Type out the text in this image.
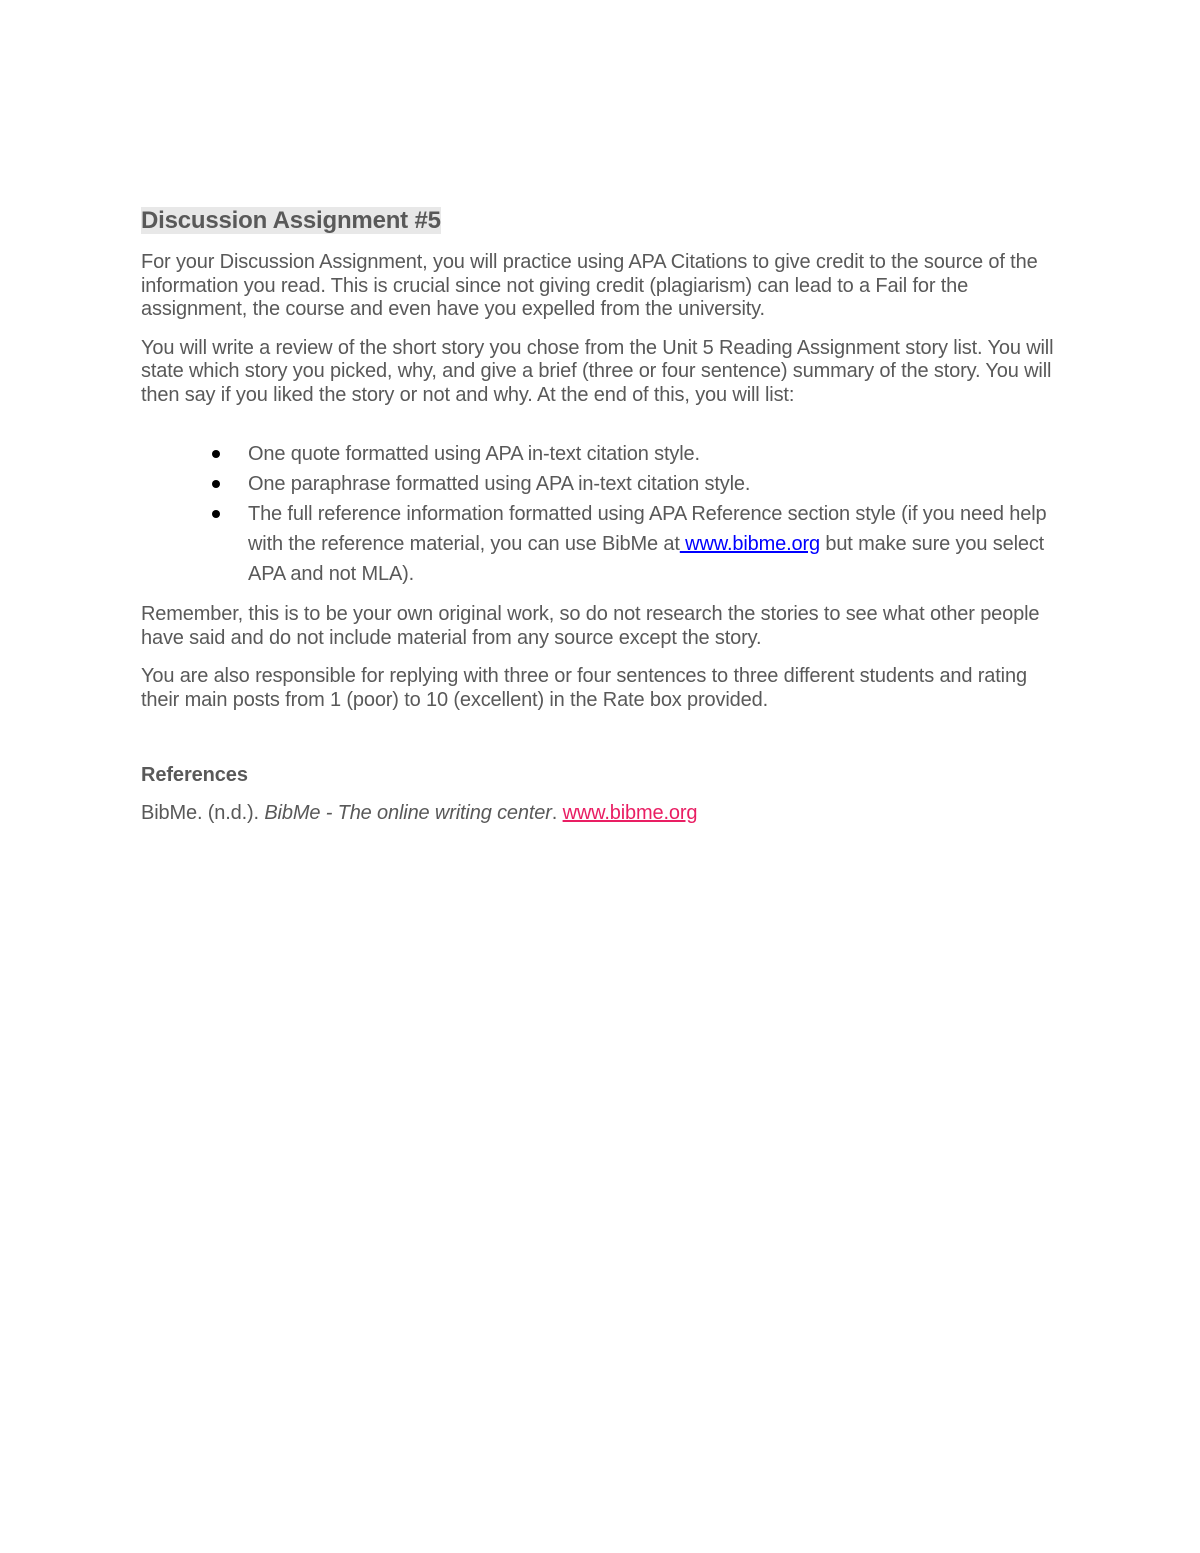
Discussion Assignment #5

For your Discussion Assignment, you will practice using APA Citations to give credit to the source of the information you read. This is crucial since not giving credit (plagiarism) can lead to a Fail for the assignment, the course and even have you expelled from the university.

You will write a review of the short story you chose from the Unit 5 Reading Assignment story list. You will state which story you picked, why, and give a brief (three or four sentence) summary of the story. You will then say if you liked the story or not and why. At the end of this, you will list:

One quote formatted using APA in-text citation style.
One paraphrase formatted using APA in-text citation style.
The full reference information formatted using APA Reference section style (if you need help with the reference material, you can use BibMe at www.bibme.org but make sure you select APA and not MLA).

Remember, this is to be your own original work, so do not research the stories to see what other people have said and do not include material from any source except the story.

You are also responsible for replying with three or four sentences to three different students and rating their main posts from 1 (poor) to 10 (excellent) in the Rate box provided.

References

BibMe. (n.d.). BibMe - The online writing center. www.bibme.org
